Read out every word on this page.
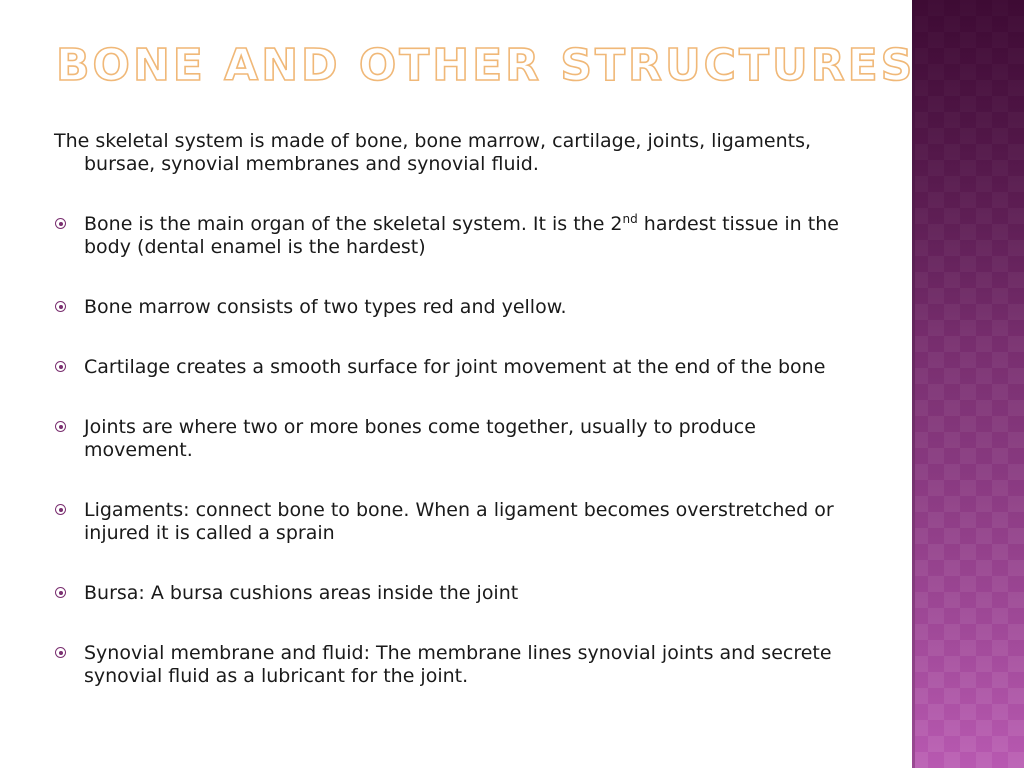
BONE AND OTHER STRUCTURES

The skeletal system is made of bone, bone marrow, cartilage, joints, ligaments, bursae, synovial membranes and synovial fluid.

Bone is the main organ of the skeletal system. It is the 2nd hardest tissue in the body (dental enamel is the hardest)
Bone marrow consists of two types red and yellow.
Cartilage creates a smooth surface for joint movement at the end of the bone
Joints are where two or more bones come together, usually to produce movement.
Ligaments: connect bone to bone. When a ligament becomes overstretched or injured it is called a sprain
Bursa: A bursa cushions areas inside the joint
Synovial membrane and fluid: The membrane lines synovial joints and secrete synovial fluid as a lubricant for the joint.
